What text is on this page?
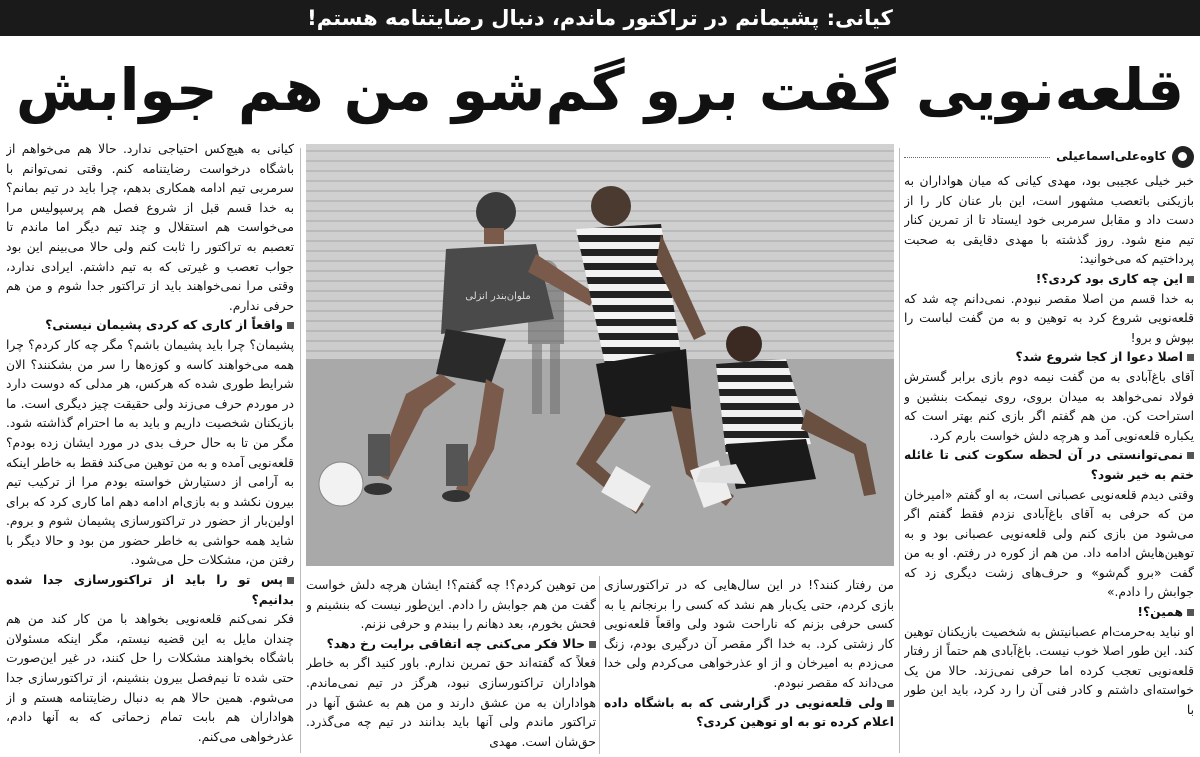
کیانی: پشیمانم در تراکتور ماندم، دنبال رضایتنامه هستم!
قلعه‌نویی گفت برو گم‌شو من هم جوابش
کاوه‌علی‌اسماعیلی

خبر خیلی عجیبی بود، مهدی کیانی که میان هواداران به بازیکنی باتعصب مشهور است، این بار عنان کار را از دست داد و مقابل سرمربی خود ایستاد تا از تمرین کنار تیم منع شود. روز گذشته با مهدی دقایقی به صحبت پرداختیم که می‌خوانید:

این چه کاری بود کردی؟!

به خدا قسم من اصلا مقصر نبودم. نمی‌دانم چه شد که قلعه‌نویی شروع کرد به توهین و به من گفت لباست را بپوش و برو!

اصلا دعوا از کجا شروع شد؟

آقای باغ‌آبادی به من گفت نیمه دوم بازی برابر گسترش فولاد نمی‌خواهد به میدان بروی، روی نیمکت بنشین و استراحت کن. من هم گفتم اگر بازی کنم بهتر است که یکباره قلعه‌نویی آمد و هرچه دلش خواست بارم کرد.

نمی‌توانستی در آن لحظه سکوت کنی تا غائله ختم به خیر شود؟

وقتی دیدم قلعه‌نویی عصبانی است، به او گفتم «امیرخان من که حرفی به آقای باغ‌آبادی نزدم فقط گفتم اگر می‌شود من بازی کنم ولی قلعه‌نویی عصبانی بود و به توهین‌هایش ادامه داد. من هم از کوره در رفتم. او به من گفت «برو گم‌شو» و حرف‌های زشت دیگری زد که جوابش را دادم.»

همین؟!

او نباید به‌حرمت‌ام عصبانیتش به شخصیت بازیکنان توهین کند. این طور اصلا خوب نیست. باغ‌آبادی هم حتماً از رفتار قلعه‌نویی تعجب کرده اما حرفی نمی‌زند. حالا من یک خواسته‌ای داشتم و کادر فنی آن را رد کرد، باید این طور با

ملوان‌بندر انزلی

من رفتار کنند؟! در این سال‌هایی که در تراکتورسازی بازی کردم، حتی یک‌بار هم نشد که کسی را برنجانم یا به کسی حرفی بزنم که ناراحت شود ولی واقعاً قلعه‌نویی کار زشتی کرد. به خدا اگر مقصر آن درگیری بودم، زنگ می‌زدم به امیرخان و از او عذرخواهی می‌کردم ولی خدا می‌داند که مقصر نبودم.

ولی قلعه‌نویی در گزارشی که به باشگاه داده اعلام کرده تو به او توهین کردی؟

من توهین کردم؟! چه گفتم؟! ایشان هرچه دلش خواست گفت من هم جوابش را دادم. این‌طور نیست که بنشینم و فحش بخورم، بعد دهانم را ببندم و حرفی نزنم.

حالا فکر می‌کنی چه اتفاقی برایت رخ دهد؟

فعلاً که گفته‌اند حق تمرین ندارم. باور کنید اگر به خاطر هواداران تراکتورسازی نبود، هرگز در تیم نمی‌ماندم. هواداران به من عشق دارند و من هم به عشق آنها در تراکتور ماندم ولی آنها باید بدانند در تیم چه می‌گذرد. حق‌شان است. مهدی

کیانی به هیچ‌کس احتیاجی ندارد. حالا هم می‌خواهم از باشگاه درخواست رضایتنامه کنم. وقتی نمی‌توانم با سرمربی تیم ادامه همکاری بدهم، چرا باید در تیم بمانم؟ به خدا قسم قبل از شروع فصل هم پرسپولیس مرا می‌خواست هم استقلال و چند تیم دیگر اما ماندم تا تعصبم به تراکتور را ثابت کنم ولی حالا می‌بینم این بود جواب تعصب و غیرتی که به تیم داشتم. ایرادی ندارد، وقتی مرا نمی‌خواهند باید از تراکتور جدا شوم و من هم حرفی ندارم.

واقعاً از کاری که کردی پشیمان نیستی؟

پشیمان؟ چرا باید پشیمان باشم؟ مگر چه کار کردم؟ چرا همه می‌خواهند کاسه و کوزه‌ها را سر من بشکنند؟ الان شرایط طوری شده که هرکس، هر مدلی که دوست دارد در موردم حرف می‌زند ولی حقیقت چیز دیگری است. ما بازیکنان شخصیت داریم و باید به ما احترام گذاشته شود. مگر من تا به حال حرف بدی در مورد ایشان زده بودم؟ قلعه‌نویی آمده و به من توهین می‌کند فقط به خاطر اینکه به آرامی از دستیارش خواسته بودم مرا از ترکیب تیم بیرون نکشد و به بازی‌ام ادامه دهم اما کاری کرد که برای اولین‌بار از حضور در تراکتورسازی پشیمان شوم و بروم. شاید همه حواشی به خاطر حضور من بود و حالا دیگر با رفتن من، مشکلات حل می‌شود.

پس تو را باید از تراکتورسازی جدا شده بدانیم؟

فکر نمی‌کنم قلعه‌نویی بخواهد با من کار کند من هم چندان مایل به این قضیه نیستم، مگر اینکه مسئولان باشگاه بخواهند مشکلات را حل کنند، در غیر این‌صورت حتی شده تا نیم‌فصل بیرون بنشینم، از تراکتورسازی جدا می‌شوم. همین حالا هم به دنبال رضایتنامه هستم و از هواداران هم بابت تمام زحماتی که به آنها دادم، عذرخواهی می‌کنم.
